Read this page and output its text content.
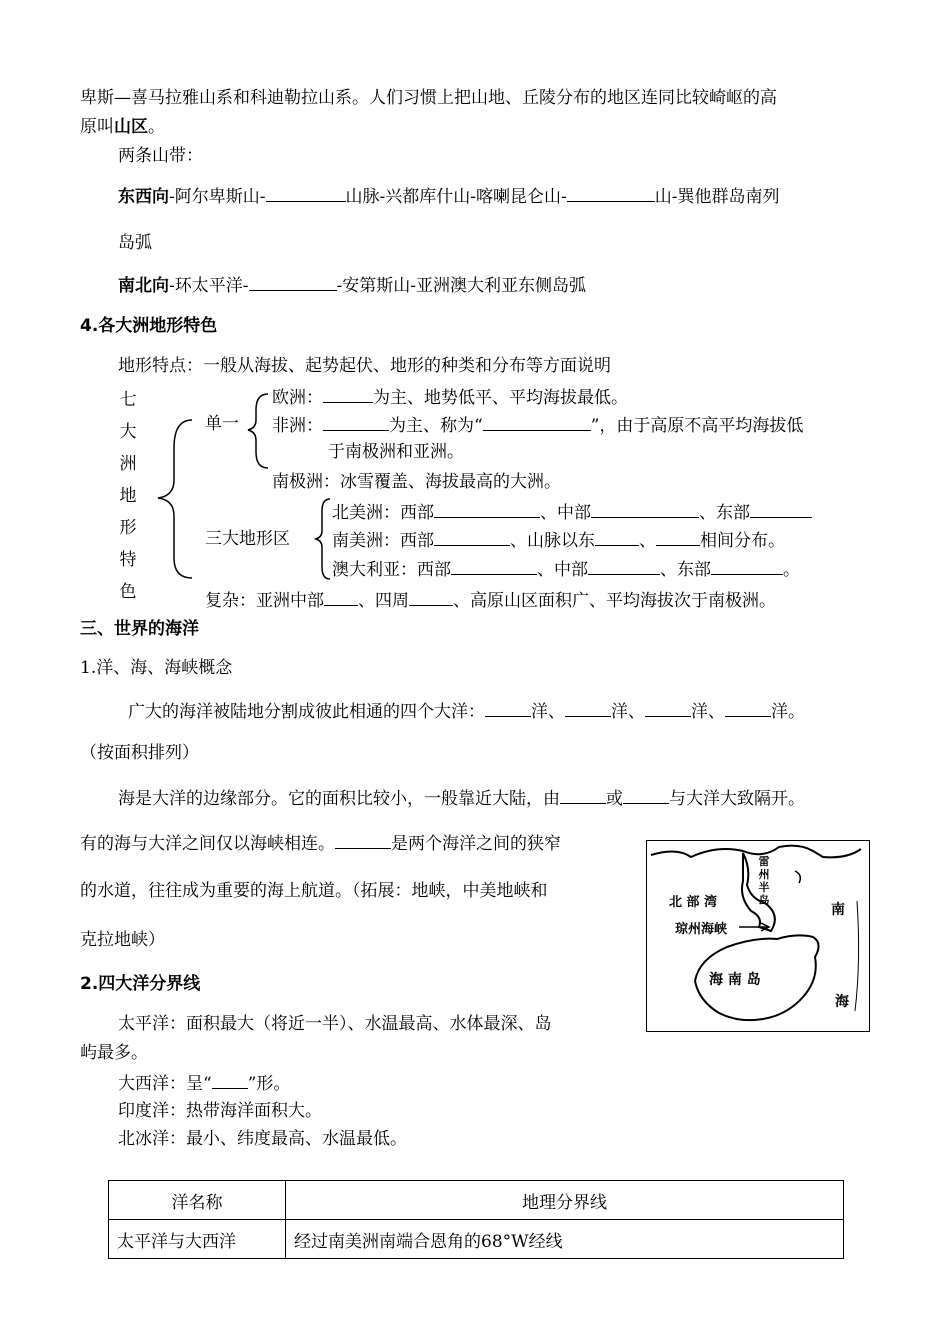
卑斯—喜马拉雅山系和科迪勒拉山系。人们习惯上把山地、丘陵分布的地区连同比较崎岖的高
原叫山区。
两条山带：
东西向-阿尔卑斯山-	山脉-兴都库什山-喀喇昆仑山-	山-巽他群岛南列
岛弧
南北向-环太平洋-	-安第斯山-亚洲澳大利亚东侧岛弧
4.各大洲地形特色
地形特点：一般从海拔、起势起伏、地形的种类和分布等方面说明
七
大
洲
地
形
特
色
单一
欧洲：	为主、地势低平、平均海拔最低。
非洲：	为主、称为“	”，由于高原不高平均海拔低
于南极洲和亚洲。
南极洲：冰雪覆盖、海拔最高的大洲。
三大地形区
北美洲：西部	、中部	、东部
南美洲：西部	、山脉以东	、	相间分布。
澳大利亚：西部	、中部	、东部	。
复杂：亚洲中部 、四周	、高原山区面积广、平均海拔次于南极洲。
三、世界的海洋
1.洋、海、海峡概念
广大的海洋被陆地分割成彼此相通的四个大洋：	洋、	洋、	洋、	洋。
（按面积排列）
海是大洋的边缘部分。它的面积比较小，一般靠近大陆，由	或	与大洋大致隔开。
有的海与大洋之间仅以海峡相连。	是两个海洋之间的狭窄
的水道，往往成为重要的海上航道。（拓展：地峡，中美地峡和
克拉地峡）
2.四大洋分界线
太平洋：面积最大（将近一半）、水温最高、水体最深、岛
屿最多。
大西洋：呈“ ”形。
印度洋：热带海洋面积大。
北冰洋：最小、纬度最高、水温最低。
北 部 湾
雷
州
半
岛
琼州海峡
海 南 岛
南
海
洋名称	地理分界线
太平洋与大西洋	经过南美洲南端合恩角的68°W经线
